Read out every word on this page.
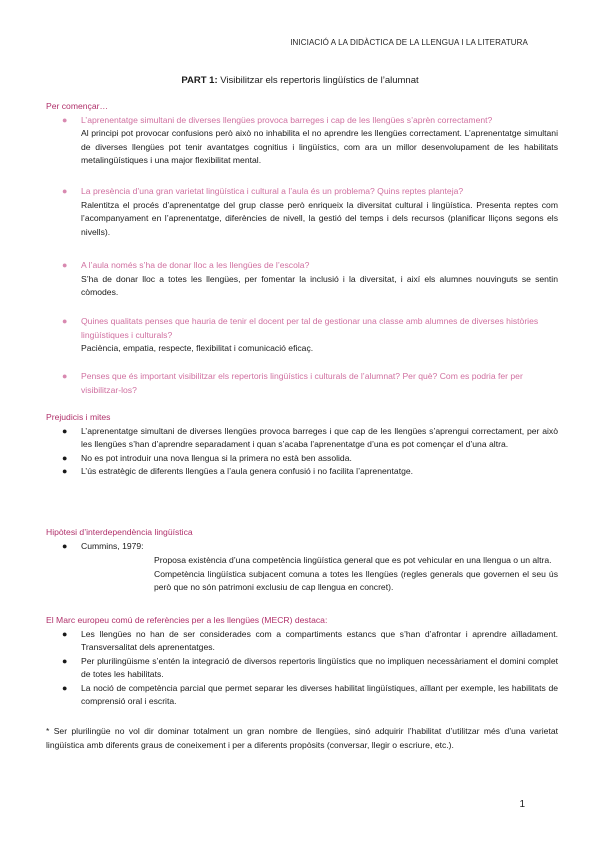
INICIACIÓ A LA DIDÀCTICA DE LA LLENGUA I LA LITERATURA
PART 1: Visibilitzar els repertoris lingüístics de l’alumnat

Per començar…

● L’aprenentatge simultani de diverses llengües provoca barreges i cap de les llengües s’aprèn correctament?
Al principi pot provocar confusions però això no inhabilita el no aprendre les llengües correctament. L’aprenentatge simultani de diverses llengües pot tenir avantatges cognitius i lingüístics, com ara un millor desenvolupament de les habilitats metalingüístiques i una major flexibilitat mental.
● La presència d’una gran varietat lingüística i cultural a l’aula és un problema? Quins reptes planteja?
Ralentitza el procés d’aprenentatge del grup classe però enriqueix la diversitat cultural i lingüística. Presenta reptes com l’acompanyament en l’aprenentatge, diferències de nivell, la gestió del temps i dels recursos (planificar lliçons segons els nivells).
● A l’aula només s’ha de donar lloc a les llengües de l’escola?
S’ha de donar lloc a totes les llengües, per fomentar la inclusió i la diversitat, i així els alumnes nouvinguts se sentin còmodes.
● Quines qualitats penses que hauria de tenir el docent per tal de gestionar una classe amb alumnes de diverses històries lingüístiques i culturals?
Paciència, empatia, respecte, flexibilitat i comunicació eficaç.
● Penses que és important visibilitzar els repertoris lingüístics i culturals de l’alumnat? Per què? Com es podria fer per visibilitzar-los?

Prejudicis i mites

● L’aprenentatge simultani de diverses llengües provoca barreges i que cap de les llengües s’aprengui correctament, per això les llengües s’han d’aprendre separadament i quan s’acaba l’aprenentatge d’una es pot començar el d’una altra.
● No es pot introduir una nova llengua si la primera no està ben assolida.
● L’ús estratègic de diferents llengües a l’aula genera confusió i no facilita l’aprenentatge.

Hipòtesi d’interdependència lingüística

● Cummins, 1979:
Proposa existència d’una competència lingüística general que es pot vehicular en una llengua o un altra.
Competència lingüística subjacent comuna a totes les llengües (regles generals que governen el seu ús però que no són patrimoni exclusiu de cap llengua en concret).

El Marc europeu comú de referències per a les llengües (MECR) destaca:

● Les llengües no han de ser considerades com a compartiments estancs que s’han d’afrontar i aprendre aïlladament. Transversalitat dels aprenentatges.
● Per plurilingüisme s’entén la integració de diversos repertoris lingüístics que no impliquen necessàriament el domini complet de totes les habilitats.
● La noció de competència parcial que permet separar les diverses habilitat lingüístiques, aïllant per exemple, les habilitats de comprensió oral i escrita.
* Ser plurilingüe no vol dir dominar totalment un gran nombre de llengües, sinó adquirir l’habilitat d’utilitzar més d’una varietat lingüística amb diferents graus de coneixement i per a diferents propòsits (conversar, llegir o escriure, etc.).
1
